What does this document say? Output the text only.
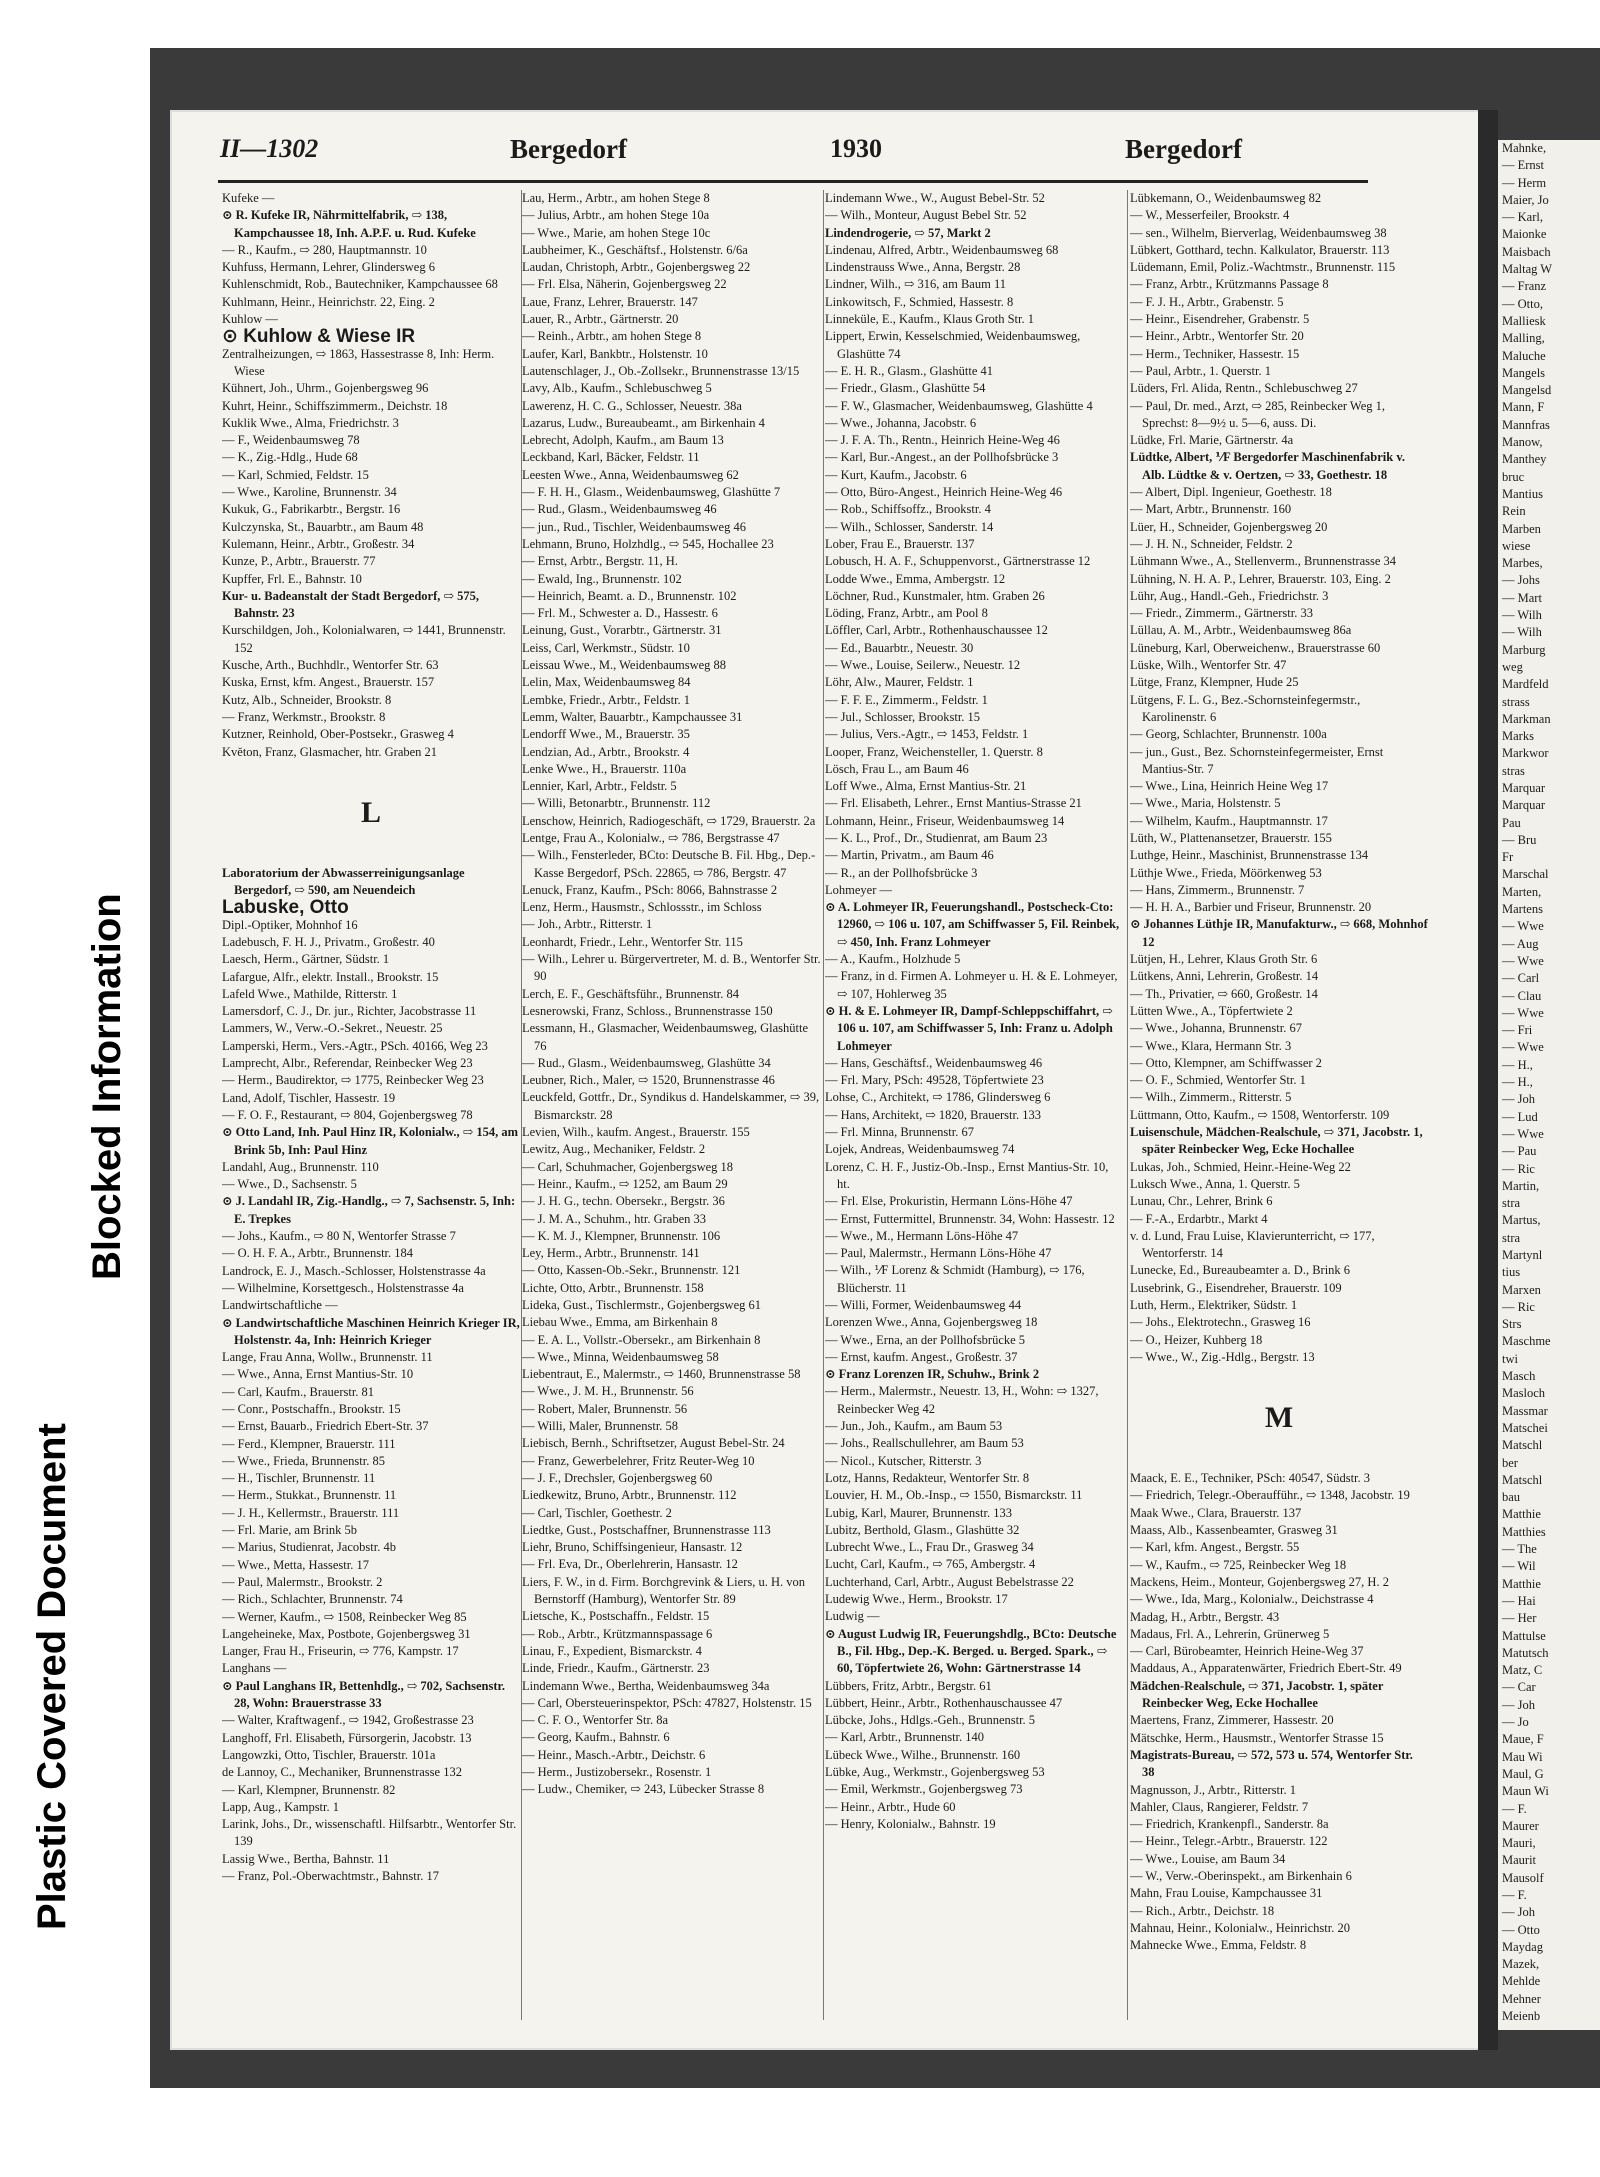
Plastic Covered Document
Blocked Information
II—1302	Bergedorf	1930	Bergedorf

Kufeke —

⊙ R. Kufeke IR, Nährmittelfabrik, ⇨ 138, Kampchaussee 18, Inh. A.P.F. u. Rud. Kufeke

— R., Kaufm., ⇨ 280, Hauptmannstr. 10

Kuhfuss, Hermann, Lehrer, Glindersweg 6

Kuhlenschmidt, Rob., Bautechniker, Kampchaussee 68

Kuhlmann, Heinr., Heinrichstr. 22, Eing. 2

Kuhlow —

⊙ Kuhlow & Wiese IR

Zentralheizungen, ⇨ 1863, Hassestrasse 8, Inh: Herm. Wiese

Kühnert, Joh., Uhrm., Gojenbergsweg 96

Kuhrt, Heinr., Schiffszimmerm., Deichstr. 18

Kuklik Wwe., Alma, Friedrichstr. 3

— F., Weidenbaumsweg 78

— K., Zig.-Hdlg., Hude 68

— Karl, Schmied, Feldstr. 15

— Wwe., Karoline, Brunnenstr. 34

Kukuk, G., Fabrikarbtr., Bergstr. 16

Kulczynska, St., Bauarbtr., am Baum 48

Kulemann, Heinr., Arbtr., Großestr. 34

Kunze, P., Arbtr., Brauerstr. 77

Kupffer, Frl. E., Bahnstr. 10

Kur- u. Badeanstalt der Stadt Bergedorf, ⇨ 575, Bahnstr. 23

Kurschildgen, Joh., Kolonialwaren, ⇨ 1441, Brunnenstr. 152

Kusche, Arth., Buchhdlr., Wentorfer Str. 63

Kuska, Ernst, kfm. Angest., Brauerstr. 157

Kutz, Alb., Schneider, Brookstr. 8

— Franz, Werkmstr., Brookstr. 8

Kutzner, Reinhold, Ober-Postsekr., Grasweg 4

Květon, Franz, Glasmacher, htr. Graben 21

L

Laboratorium der Abwasserreinigungsanlage Bergedorf, ⇨ 590, am Neuendeich

Labuske, Otto

Dipl.-Optiker, Mohnhof 16

Ladebusch, F. H. J., Privatm., Großestr. 40

Laesch, Herm., Gärtner, Südstr. 1

Lafargue, Alfr., elektr. Install., Brookstr. 15

Lafeld Wwe., Mathilde, Ritterstr. 1

Lamersdorf, C. J., Dr. jur., Richter, Jacobstrasse 11

Lammers, W., Verw.-O.-Sekret., Neuestr. 25

Lamperski, Herm., Vers.-Agtr., PSch. 40166, Weg 23

Lamprecht, Albr., Referendar, Reinbecker Weg 23

— Herm., Baudirektor, ⇨ 1775, Reinbecker Weg 23

Land, Adolf, Tischler, Hassestr. 19

— F. O. F., Restaurant, ⇨ 804, Gojenbergsweg 78

⊙ Otto Land, Inh. Paul Hinz IR, Kolonialw., ⇨ 154, am Brink 5b, Inh: Paul Hinz

Landahl, Aug., Brunnenstr. 110

— Wwe., D., Sachsenstr. 5

⊙ J. Landahl IR, Zig.-Handlg., ⇨ 7, Sachsenstr. 5, Inh: E. Trepkes

— Johs., Kaufm., ⇨ 80 N, Wentorfer Strasse 7

— O. H. F. A., Arbtr., Brunnenstr. 184

Landrock, E. J., Masch.-Schlosser, Holstenstrasse 4a

— Wilhelmine, Korsettgesch., Holstenstrasse 4a

Landwirtschaftliche —

⊙ Landwirtschaftliche Maschinen Heinrich Krieger IR, Holstenstr. 4a, Inh: Heinrich Krieger

Lange, Frau Anna, Wollw., Brunnenstr. 11

— Wwe., Anna, Ernst Mantius-Str. 10

— Carl, Kaufm., Brauerstr. 81

— Conr., Postschaffn., Brookstr. 15

— Ernst, Bauarb., Friedrich Ebert-Str. 37

— Ferd., Klempner, Brauerstr. 111

— Wwe., Frieda, Brunnenstr. 85

— H., Tischler, Brunnenstr. 11

— Herm., Stukkat., Brunnenstr. 11

— J. H., Kellermstr., Brauerstr. 111

— Frl. Marie, am Brink 5b

— Marius, Studienrat, Jacobstr. 4b

— Wwe., Metta, Hassestr. 17

— Paul, Malermstr., Brookstr. 2

— Rich., Schlachter, Brunnenstr. 74

— Werner, Kaufm., ⇨ 1508, Reinbecker Weg 85

Langeheineke, Max, Postbote, Gojenbergsweg 31

Langer, Frau H., Friseurin, ⇨ 776, Kampstr. 17

Langhans —

⊙ Paul Langhans IR, Bettenhdlg., ⇨ 702, Sachsenstr. 28, Wohn: Brauerstrasse 33

— Walter, Kraftwagenf., ⇨ 1942, Großestrasse 23

Langhoff, Frl. Elisabeth, Fürsorgerin, Jacobstr. 13

Langowzki, Otto, Tischler, Brauerstr. 101a

de Lannoy, C., Mechaniker, Brunnenstrasse 132

— Karl, Klempner, Brunnenstr. 82

Lapp, Aug., Kampstr. 1

Larink, Johs., Dr., wissenschaftl. Hilfsarbtr., Wentorfer Str. 139

Lassig Wwe., Bertha, Bahnstr. 11

— Franz, Pol.-Oberwachtmstr., Bahnstr. 17

Lau, Herm., Arbtr., am hohen Stege 8

— Julius, Arbtr., am hohen Stege 10a

— Wwe., Marie, am hohen Stege 10c

Laubheimer, K., Geschäftsf., Holstenstr. 6/6a

Laudan, Christoph, Arbtr., Gojenbergsweg 22

— Frl. Elsa, Näherin, Gojenbergsweg 22

Laue, Franz, Lehrer, Brauerstr. 147

Lauer, R., Arbtr., Gärtnerstr. 20

— Reinh., Arbtr., am hohen Stege 8

Laufer, Karl, Bankbtr., Holstenstr. 10

Lautenschlager, J., Ob.-Zollsekr., Brunnenstrasse 13/15

Lavy, Alb., Kaufm., Schlebuschweg 5

Lawerenz, H. C. G., Schlosser, Neuestr. 38a

Lazarus, Ludw., Bureaubeamt., am Birkenhain 4

Lebrecht, Adolph, Kaufm., am Baum 13

Leckband, Karl, Bäcker, Feldstr. 11

Leesten Wwe., Anna, Weidenbaumsweg 62

— F. H. H., Glasm., Weidenbaumsweg, Glashütte 7

— Rud., Glasm., Weidenbaumsweg 46

— jun., Rud., Tischler, Weidenbaumsweg 46

Lehmann, Bruno, Holzhdlg., ⇨ 545, Hochallee 23

— Ernst, Arbtr., Bergstr. 11, H.

— Ewald, Ing., Brunnenstr. 102

— Heinrich, Beamt. a. D., Brunnenstr. 102

— Frl. M., Schwester a. D., Hassestr. 6

Leinung, Gust., Vorarbtr., Gärtnerstr. 31

Leiss, Carl, Werkmstr., Südstr. 10

Leissau Wwe., M., Weidenbaumsweg 88

Lelin, Max, Weidenbaumsweg 84

Lembke, Friedr., Arbtr., Feldstr. 1

Lemm, Walter, Bauarbtr., Kampchaussee 31

Lendorff Wwe., M., Brauerstr. 35

Lendzian, Ad., Arbtr., Brookstr. 4

Lenke Wwe., H., Brauerstr. 110a

Lennier, Karl, Arbtr., Feldstr. 5

— Willi, Betonarbtr., Brunnenstr. 112

Lenschow, Heinrich, Radiogeschäft, ⇨ 1729, Brauerstr. 2a

Lentge, Frau A., Kolonialw., ⇨ 786, Bergstrasse 47

— Wilh., Fensterleder, BCto: Deutsche B. Fil. Hbg., Dep.-Kasse Bergedorf, PSch. 22865, ⇨ 786, Bergstr. 47

Lenuck, Franz, Kaufm., PSch: 8066, Bahnstrasse 2

Lenz, Herm., Hausmstr., Schlossstr., im Schloss

— Joh., Arbtr., Ritterstr. 1

Leonhardt, Friedr., Lehr., Wentorfer Str. 115

— Wilh., Lehrer u. Bürgervertreter, M. d. B., Wentorfer Str. 90

Lerch, E. F., Geschäftsführ., Brunnenstr. 84

Lesnerowski, Franz, Schloss., Brunnenstrasse 150

Lessmann, H., Glasmacher, Weidenbaumsweg, Glashütte 76

— Rud., Glasm., Weidenbaumsweg, Glashütte 34

Leubner, Rich., Maler, ⇨ 1520, Brunnenstrasse 46

Leuckfeld, Gottfr., Dr., Syndikus d. Handelskammer, ⇨ 39, Bismarckstr. 28

Levien, Wilh., kaufm. Angest., Brauerstr. 155

Lewitz, Aug., Mechaniker, Feldstr. 2

— Carl, Schuhmacher, Gojenbergsweg 18

— Heinr., Kaufm., ⇨ 1252, am Baum 29

— J. H. G., techn. Obersekr., Bergstr. 36

— J. M. A., Schuhm., htr. Graben 33

— K. M. J., Klempner, Brunnenstr. 106

Ley, Herm., Arbtr., Brunnenstr. 141

— Otto, Kassen-Ob.-Sekr., Brunnenstr. 121

Lichte, Otto, Arbtr., Brunnenstr. 158

Lideka, Gust., Tischlermstr., Gojenbergsweg 61

Liebau Wwe., Emma, am Birkenhain 8

— E. A. L., Vollstr.-Obersekr., am Birkenhain 8

— Wwe., Minna, Weidenbaumsweg 58

Liebentraut, E., Malermstr., ⇨ 1460, Brunnenstrasse 58

— Wwe., J. M. H., Brunnenstr. 56

— Robert, Maler, Brunnenstr. 56

— Willi, Maler, Brunnenstr. 58

Liebisch, Bernh., Schriftsetzer, August Bebel-Str. 24

— Franz, Gewerbelehrer, Fritz Reuter-Weg 10

— J. F., Drechsler, Gojenbergsweg 60

Liedkewitz, Bruno, Arbtr., Brunnenstr. 112

— Carl, Tischler, Goethestr. 2

Liedtke, Gust., Postschaffner, Brunnenstrasse 113

Liehr, Bruno, Schiffsingenieur, Hansastr. 12

— Frl. Eva, Dr., Oberlehrerin, Hansastr. 12

Liers, F. W., in d. Firm. Borchgrevink & Liers, u. H. von Bernstorff (Hamburg), Wentorfer Str. 89

Lietsche, K., Postschaffn., Feldstr. 15

— Rob., Arbtr., Krützmannspassage 6

Linau, F., Expedient, Bismarckstr. 4

Linde, Friedr., Kaufm., Gärtnerstr. 23

Lindemann Wwe., Bertha, Weidenbaumsweg 34a

— Carl, Obersteuerinspektor, PSch: 47827, Holstenstr. 15

— C. F. O., Wentorfer Str. 8a

— Georg, Kaufm., Bahnstr. 6

— Heinr., Masch.-Arbtr., Deichstr. 6

— Herm., Justizobersekr., Rosenstr. 1

— Ludw., Chemiker, ⇨ 243, Lübecker Strasse 8

Lindemann Wwe., W., August Bebel-Str. 52

— Wilh., Monteur, August Bebel Str. 52

Lindendrogerie, ⇨ 57, Markt 2

Lindenau, Alfred, Arbtr., Weidenbaumsweg 68

Lindenstrauss Wwe., Anna, Bergstr. 28

Lindner, Wilh., ⇨ 316, am Baum 11

Linkowitsch, F., Schmied, Hassestr. 8

Linneküle, E., Kaufm., Klaus Groth Str. 1

Lippert, Erwin, Kesselschmied, Weidenbaumsweg, Glashütte 74

— E. H. R., Glasm., Glashütte 41

— Friedr., Glasm., Glashütte 54

— F. W., Glasmacher, Weidenbaumsweg, Glashütte 4

— Wwe., Johanna, Jacobstr. 6

— J. F. A. Th., Rentn., Heinrich Heine-Weg 46

— Karl, Bur.-Angest., an der Pollhofsbrücke 3

— Kurt, Kaufm., Jacobstr. 6

— Otto, Büro-Angest., Heinrich Heine-Weg 46

— Rob., Schiffsoffz., Brookstr. 4

— Wilh., Schlosser, Sanderstr. 14

Lober, Frau E., Brauerstr. 137

Lobusch, H. A. F., Schuppenvorst., Gärtnerstrasse 12

Lodde Wwe., Emma, Ambergstr. 12

Löchner, Rud., Kunstmaler, htm. Graben 26

Löding, Franz, Arbtr., am Pool 8

Löffler, Carl, Arbtr., Rothenhauschaussee 12

— Ed., Bauarbtr., Neuestr. 30

— Wwe., Louise, Seilerw., Neuestr. 12

Löhr, Alw., Maurer, Feldstr. 1

— F. F. E., Zimmerm., Feldstr. 1

— Jul., Schlosser, Brookstr. 15

— Julius, Vers.-Agtr., ⇨ 1453, Feldstr. 1

Looper, Franz, Weichensteller, 1. Querstr. 8

Lösch, Frau L., am Baum 46

Loff Wwe., Alma, Ernst Mantius-Str. 21

— Frl. Elisabeth, Lehrer., Ernst Mantius-Strasse 21

Lohmann, Heinr., Friseur, Weidenbaumsweg 14

— K. L., Prof., Dr., Studienrat, am Baum 23

— Martin, Privatm., am Baum 46

— R., an der Pollhofsbrücke 3

Lohmeyer —

⊙ A. Lohmeyer IR, Feuerungshandl., Postscheck-Cto: 12960, ⇨ 106 u. 107, am Schiffwasser 5, Fil. Reinbek, ⇨ 450, Inh. Franz Lohmeyer

— A., Kaufm., Holzhude 5

— Franz, in d. Firmen A. Lohmeyer u. H. & E. Lohmeyer, ⇨ 107, Hohlerweg 35

⊙ H. & E. Lohmeyer IR, Dampf-Schleppschiffahrt, ⇨ 106 u. 107, am Schiffwasser 5, Inh: Franz u. Adolph Lohmeyer

— Hans, Geschäftsf., Weidenbaumsweg 46

— Frl. Mary, PSch: 49528, Töpfertwiete 23

Lohse, C., Architekt, ⇨ 1786, Glindersweg 6

— Hans, Architekt, ⇨ 1820, Brauerstr. 133

— Frl. Minna, Brunnenstr. 67

Lojek, Andreas, Weidenbaumsweg 74

Lorenz, C. H. F., Justiz-Ob.-Insp., Ernst Mantius-Str. 10, ht.

— Frl. Else, Prokuristin, Hermann Löns-Höhe 47

— Ernst, Futtermittel, Brunnenstr. 34, Wohn: Hassestr. 12

— Wwe., M., Hermann Löns-Höhe 47

— Paul, Malermstr., Hermann Löns-Höhe 47

— Wilh., ⅟F Lorenz & Schmidt (Hamburg), ⇨ 176, Blücherstr. 11

— Willi, Former, Weidenbaumsweg 44

Lorenzen Wwe., Anna, Gojenbergsweg 18

— Wwe., Erna, an der Pollhofsbrücke 5

— Ernst, kaufm. Angest., Großestr. 37

⊙ Franz Lorenzen IR, Schuhw., Brink 2

— Herm., Malermstr., Neuestr. 13, H., Wohn: ⇨ 1327, Reinbecker Weg 42

— Jun., Joh., Kaufm., am Baum 53

— Johs., Reallschullehrer, am Baum 53

— Nicol., Kutscher, Ritterstr. 3

Lotz, Hanns, Redakteur, Wentorfer Str. 8

Louvier, H. M., Ob.-Insp., ⇨ 1550, Bismarckstr. 11

Lubig, Karl, Maurer, Brunnenstr. 133

Lubitz, Berthold, Glasm., Glashütte 32

Lubrecht Wwe., L., Frau Dr., Grasweg 34

Lucht, Carl, Kaufm., ⇨ 765, Ambergstr. 4

Luchterhand, Carl, Arbtr., August Bebelstrasse 22

Ludewig Wwe., Herm., Brookstr. 17

Ludwig —

⊙ August Ludwig IR, Feuerungshdlg., BCto: Deutsche B., Fil. Hbg., Dep.-K. Berged. u. Berged. Spark., ⇨ 60, Töpfertwiete 26, Wohn: Gärtnerstrasse 14

Lübbers, Fritz, Arbtr., Bergstr. 61

Lübbert, Heinr., Arbtr., Rothenhauschaussee 47

Lübcke, Johs., Hdlgs.-Geh., Brunnenstr. 5

— Karl, Arbtr., Brunnenstr. 140

Lübeck Wwe., Wilhe., Brunnenstr. 160

Lübke, Aug., Werkmstr., Gojenbergsweg 53

— Emil, Werkmstr., Gojenbergsweg 73

— Heinr., Arbtr., Hude 60

— Henry, Kolonialw., Bahnstr. 19

Lübkemann, O., Weidenbaumsweg 82

— W., Messerfeiler, Brookstr. 4

— sen., Wilhelm, Bierverlag, Weidenbaumsweg 38

Lübkert, Gotthard, techn. Kalkulator, Brauerstr. 113

Lüdemann, Emil, Poliz.-Wachtmstr., Brunnenstr. 115

— Franz, Arbtr., Krützmanns Passage 8

— F. J. H., Arbtr., Grabenstr. 5

— Heinr., Eisendreher, Grabenstr. 5

— Heinr., Arbtr., Wentorfer Str. 20

— Herm., Techniker, Hassestr. 15

— Paul, Arbtr., 1. Querstr. 1

Lüders, Frl. Alida, Rentn., Schlebuschweg 27

— Paul, Dr. med., Arzt, ⇨ 285, Reinbecker Weg 1, Sprechst: 8—9½ u. 5—6, auss. Di.

Lüdke, Frl. Marie, Gärtnerstr. 4a

Lüdtke, Albert, ⅟F Bergedorfer Maschinenfabrik v. Alb. Lüdtke & v. Oertzen, ⇨ 33, Goethestr. 18

— Albert, Dipl. Ingenieur, Goethestr. 18

— Mart, Arbtr., Brunnenstr. 160

Lüer, H., Schneider, Gojenbergsweg 20

— J. H. N., Schneider, Feldstr. 2

Lühmann Wwe., A., Stellenverm., Brunnenstrasse 34

Lühning, N. H. A. P., Lehrer, Brauerstr. 103, Eing. 2

Lühr, Aug., Handl.-Geh., Friedrichstr. 3

— Friedr., Zimmerm., Gärtnerstr. 33

Lüllau, A. M., Arbtr., Weidenbaumsweg 86a

Lüneburg, Karl, Oberweichenw., Brauerstrasse 60

Lüske, Wilh., Wentorfer Str. 47

Lütge, Franz, Klempner, Hude 25

Lütgens, F. L. G., Bez.-Schornsteinfegermstr., Karolinenstr. 6

— Georg, Schlachter, Brunnenstr. 100a

— jun., Gust., Bez. Schornsteinfegermeister, Ernst Mantius-Str. 7

— Wwe., Lina, Heinrich Heine Weg 17

— Wwe., Maria, Holstenstr. 5

— Wilhelm, Kaufm., Hauptmannstr. 17

Lüth, W., Plattenansetzer, Brauerstr. 155

Luthge, Heinr., Maschinist, Brunnenstrasse 134

Lüthje Wwe., Frieda, Möörkenweg 53

— Hans, Zimmerm., Brunnenstr. 7

— H. H. A., Barbier und Friseur, Brunnenstr. 20

⊙ Johannes Lüthje IR, Manufakturw., ⇨ 668, Mohnhof 12

Lütjen, H., Lehrer, Klaus Groth Str. 6

Lütkens, Anni, Lehrerin, Großestr. 14

— Th., Privatier, ⇨ 660, Großestr. 14

Lütten Wwe., A., Töpfertwiete 2

— Wwe., Johanna, Brunnenstr. 67

— Wwe., Klara, Hermann Str. 3

— Otto, Klempner, am Schiffwasser 2

— O. F., Schmied, Wentorfer Str. 1

— Wilh., Zimmerm., Ritterstr. 5

Lüttmann, Otto, Kaufm., ⇨ 1508, Wentorferstr. 109

Luisenschule, Mädchen-Realschule, ⇨ 371, Jacobstr. 1, später Reinbecker Weg, Ecke Hochallee

Lukas, Joh., Schmied, Heinr.-Heine-Weg 22

Luksch Wwe., Anna, 1. Querstr. 5

Lunau, Chr., Lehrer, Brink 6

— F.-A., Erdarbtr., Markt 4

v. d. Lund, Frau Luise, Klavierunterricht, ⇨ 177, Wentorferstr. 14

Lunecke, Ed., Bureaubeamter a. D., Brink 6

Lusebrink, G., Eisendreher, Brauerstr. 109

Luth, Herm., Elektriker, Südstr. 1

— Johs., Elektrotechn., Grasweg 16

— O., Heizer, Kuhberg 18

— Wwe., W., Zig.-Hdlg., Bergstr. 13

M

Maack, E. E., Techniker, PSch: 40547, Südstr. 3

— Friedrich, Telegr.-Oberaufführ., ⇨ 1348, Jacobstr. 19

Maak Wwe., Clara, Brauerstr. 137

Maass, Alb., Kassenbeamter, Grasweg 31

— Karl, kfm. Angest., Bergstr. 55

— W., Kaufm., ⇨ 725, Reinbecker Weg 18

Mackens, Heim., Monteur, Gojenbergsweg 27, H. 2

— Wwe., Ida, Marg., Kolonialw., Deichstrasse 4

Madag, H., Arbtr., Bergstr. 43

Madaus, Frl. A., Lehrerin, Grünerweg 5

— Carl, Bürobeamter, Heinrich Heine-Weg 37

Maddaus, A., Apparatenwärter, Friedrich Ebert-Str. 49

Mädchen-Realschule, ⇨ 371, Jacobstr. 1, später Reinbecker Weg, Ecke Hochallee

Maertens, Franz, Zimmerer, Hassestr. 20

Mätschke, Herm., Hausmstr., Wentorfer Strasse 15

Magistrats-Bureau, ⇨ 572, 573 u. 574, Wentorfer Str. 38

Magnusson, J., Arbtr., Ritterstr. 1

Mahler, Claus, Rangierer, Feldstr. 7

— Friedrich, Krankenpfl., Sanderstr. 8a

— Heinr., Telegr.-Arbtr., Brauerstr. 122

— Wwe., Louise, am Baum 34

— W., Verw.-Oberinspekt., am Birkenhain 6

Mahn, Frau Louise, Kampchaussee 31

— Rich., Arbtr., Deichstr. 18

Mahnau, Heinr., Kolonialw., Heinrichstr. 20

Mahnecke Wwe., Emma, Feldstr. 8

Mahnke,
— Ernst
— Herm
Maier, Jo
— Karl,
Maionke
Maisbach
Maltag W
— Franz
— Otto,
Malliesk
Malling,
Maluche
Mangels
Mangelsd
Mann, F
Mannfras
Manow,
Manthey
bruc
Mantius
Rein
Marben
wiese
Marbes,
— Johs
— Mart
— Wilh
— Wilh
Marburg
weg
Mardfeld
strass
Markman
Marks
Markwor
stras
Marquar
Marquar
Pau
— Bru
Fr
Marschal
Marten,
Martens
— Wwe
— Aug
— Wwe
— Carl
— Clau
— Wwe
— Fri
— Wwe
— H.,
— H.,
— Joh
— Lud
— Wwe
— Pau
— Ric
Martin,
stra
Martus,
stra
Martynl
tius
Marxen
— Ric
Strs
Maschme
twi
Masch
Masloch
Massmar
Matschei
Matschl
ber
Matschl
bau
Matthie
Matthies
— The
— Wil
Matthie
— Hai
— Her
Mattulse
Matutsch
Matz, C
— Car
— Joh
— Jo
Maue, F
Mau Wi
Maul, G
Maun Wi
— F.
Maurer
Mauri,
Maurit
Mausolf
— F.
— Joh
— Otto
Maydag
Mazek,
Mehlde
Mehner
Meienb
